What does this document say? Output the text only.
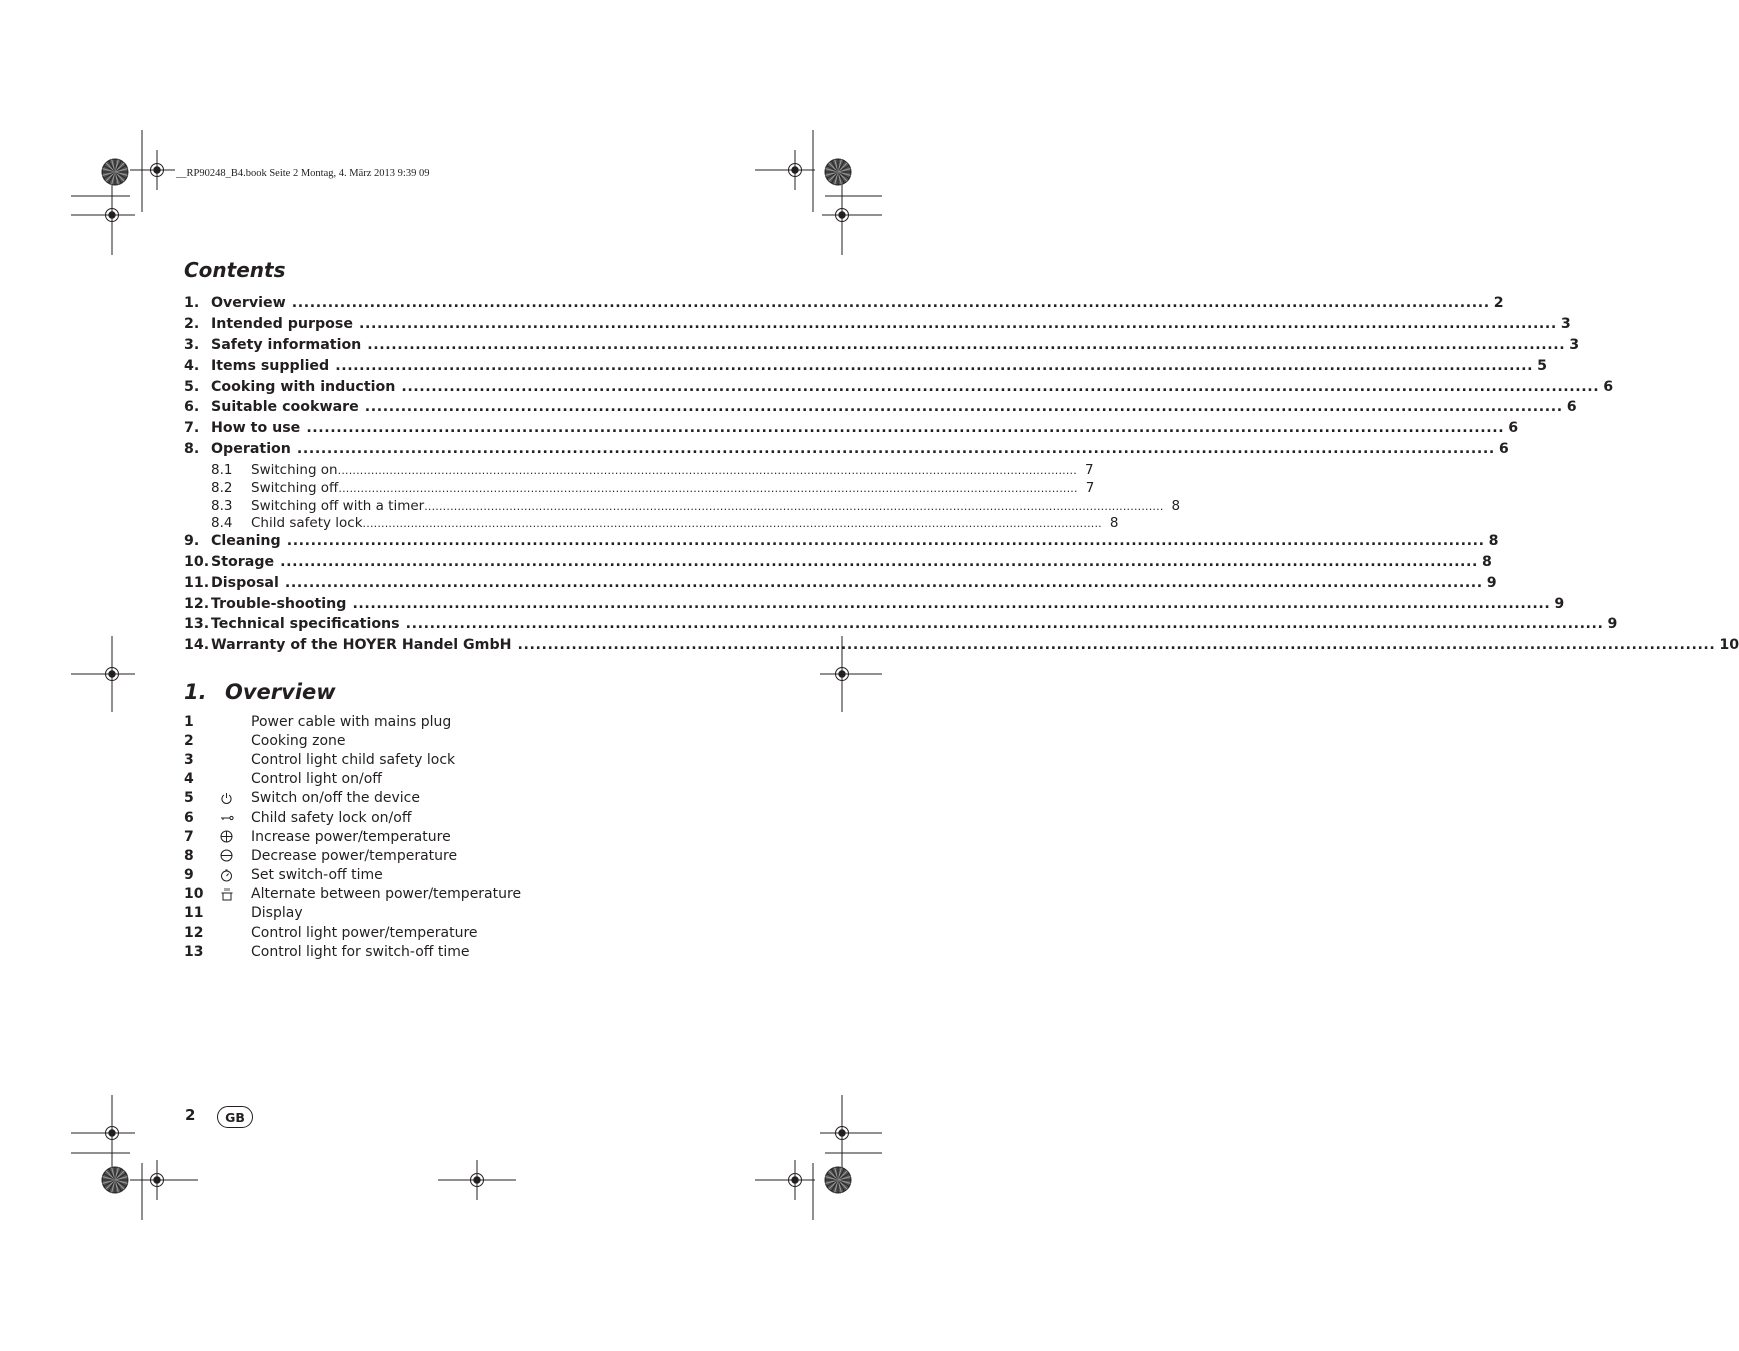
__RP90248_B4.book Seite 2 Montag, 4. März 2013 9:39 09
Contents
1. Overview ........................................................................................................................................................................................................ 2
2. Intended purpose ........................................................................................................................................................................................................ 3
3. Safety information ........................................................................................................................................................................................................ 3
4. Items supplied ........................................................................................................................................................................................................ 5
5. Cooking with induction ........................................................................................................................................................................................................ 6
6. Suitable cookware ........................................................................................................................................................................................................ 6
7. How to use ........................................................................................................................................................................................................ 6
8. Operation ........................................................................................................................................................................................................ 6
8.1	Switching on ........................................................................................................................................................................................................ 7
8.2	Switching off ........................................................................................................................................................................................................ 7
8.3	Switching off with a timer ........................................................................................................................................................................................................ 8
8.4	Child safety lock ........................................................................................................................................................................................................ 8
9. Cleaning ........................................................................................................................................................................................................ 8
10. Storage ........................................................................................................................................................................................................ 8
11. Disposal ........................................................................................................................................................................................................ 9
12. Trouble-shooting ........................................................................................................................................................................................................ 9
13. Technical specifications ........................................................................................................................................................................................................ 9
14. Warranty of the HOYER Handel GmbH ........................................................................................................................................................................................................ 10
1. Overview
1	Power cable with mains plug
2	Cooking zone
3	Control light child safety lock
4	Control light on/off
5	Switch on/off the device
6	Child safety lock on/off
7	Increase power/temperature
8	Decrease power/temperature
9	Set switch-off time
10	Alternate between power/temperature
11	Display
12	Control light power/temperature
13	Control light for switch-off time
2	GB
